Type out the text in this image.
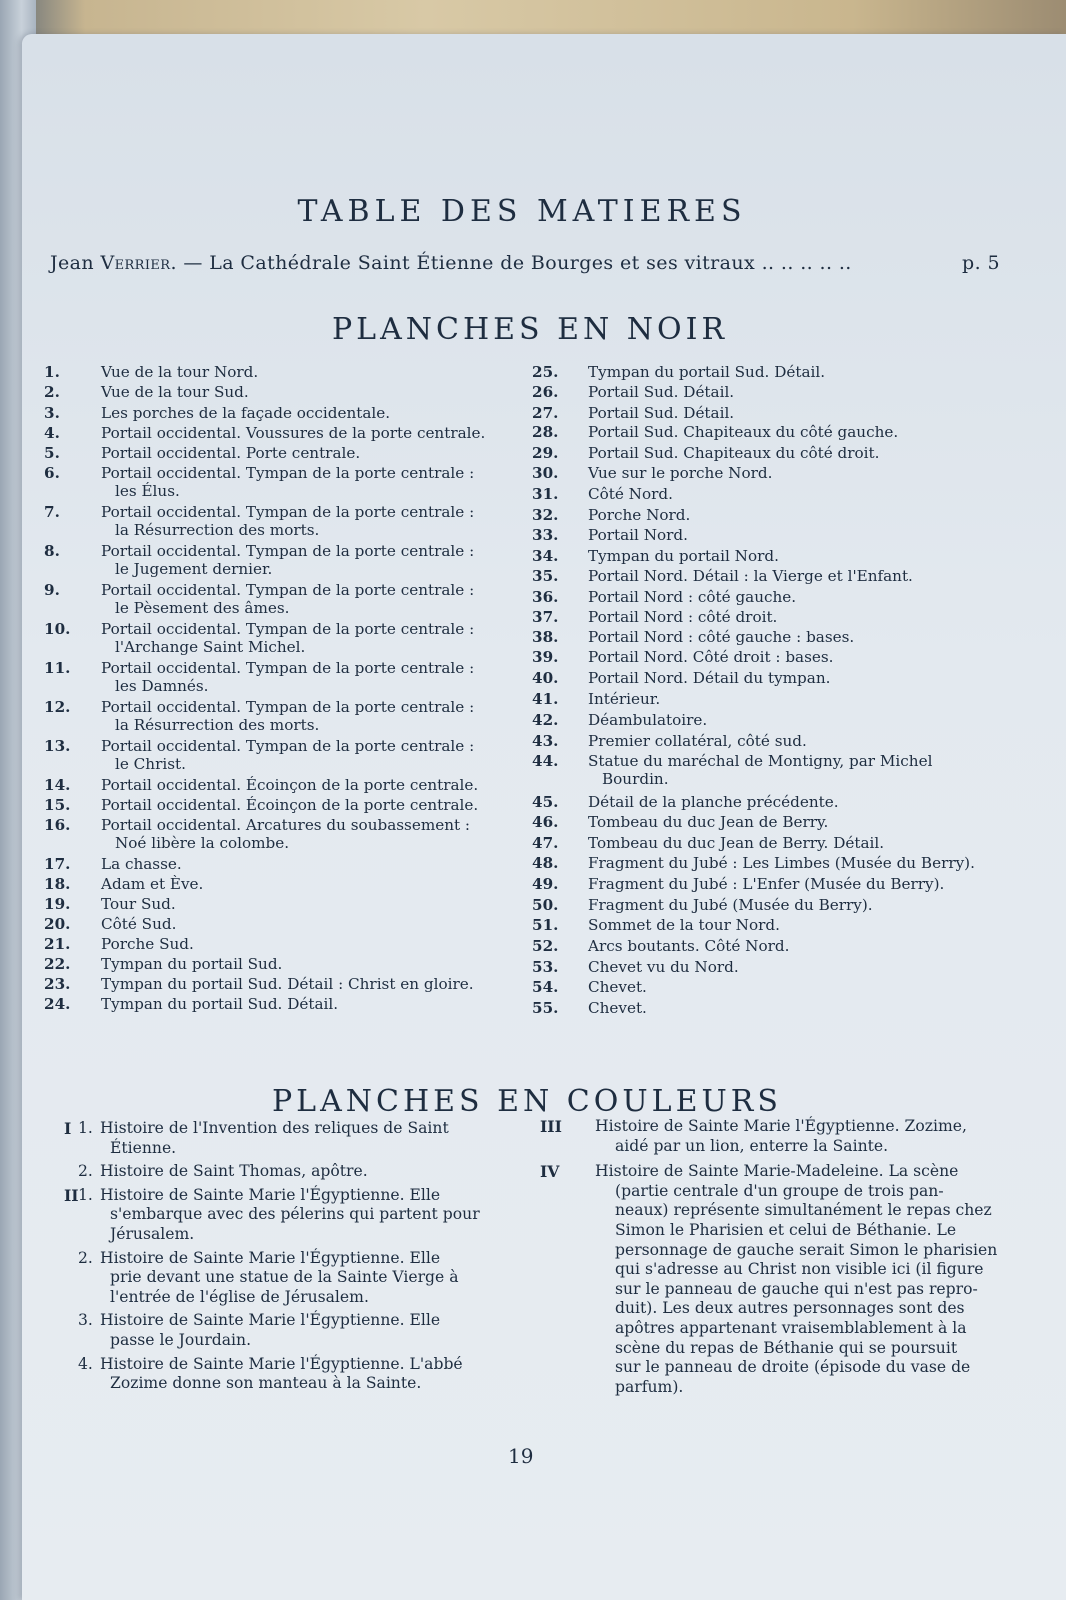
TABLE DES MATIERES
Jean Verrier. — La Cathédrale Saint Étienne de Bourges et ses vitraux .. .. .. .. ..	p. 5
PLANCHES EN NOIR
1.	Vue de la tour Nord.
2.	Vue de la tour Sud.
3.	Les porches de la façade occidentale.
4.	Portail occidental. Voussures de la porte centrale.
5.	Portail occidental. Porte centrale.
6.	Portail occidental. Tympan de la porte centrale :
les Élus.
7.	Portail occidental. Tympan de la porte centrale :
la Résurrection des morts.
8.	Portail occidental. Tympan de la porte centrale :
le Jugement dernier.
9.	Portail occidental. Tympan de la porte centrale :
le Pèsement des âmes.
10. Portail occidental. Tympan de la porte centrale :
l'Archange Saint Michel.
11. Portail occidental. Tympan de la porte centrale :
les Damnés.
12. Portail occidental. Tympan de la porte centrale :
la Résurrection des morts.
13. Portail occidental. Tympan de la porte centrale :
le Christ.
14. Portail occidental. Écoinçon de la porte centrale.
15. Portail occidental. Écoinçon de la porte centrale.
16. Portail occidental. Arcatures du soubassement :
Noé libère la colombe.
17. La chasse.
18. Adam et Ève.
19. Tour Sud.
20. Côté Sud.
21. Porche Sud.
22. Tympan du portail Sud.
23. Tympan du portail Sud. Détail : Christ en gloire.
24. Tympan du portail Sud. Détail.
25. Tympan du portail Sud. Détail.
26. Portail Sud. Détail.
27. Portail Sud. Détail.
28. Portail Sud. Chapiteaux du côté gauche.
29. Portail Sud. Chapiteaux du côté droit.
30. Vue sur le porche Nord.
31. Côté Nord.
32. Porche Nord.
33. Portail Nord.
34. Tympan du portail Nord.
35. Portail Nord. Détail : la Vierge et l'Enfant.
36. Portail Nord : côté gauche.
37. Portail Nord : côté droit.
38. Portail Nord : côté gauche : bases.
39. Portail Nord. Côté droit : bases.
40. Portail Nord. Détail du tympan.
41. Intérieur.
42. Déambulatoire.
43. Premier collatéral, côté sud.
44. Statue du maréchal de Montigny, par Michel
Bourdin.
45. Détail de la planche précédente.
46. Tombeau du duc Jean de Berry.
47. Tombeau du duc Jean de Berry. Détail.
48. Fragment du Jubé : Les Limbes (Musée du Berry).
49. Fragment du Jubé : L'Enfer (Musée du Berry).
50. Fragment du Jubé (Musée du Berry).
51. Sommet de la tour Nord.
52. Arcs boutants. Côté Nord.
53. Chevet vu du Nord.
54. Chevet.
55. Chevet.
PLANCHES EN COULEURS
I 1. Histoire de l'Invention des reliques de Saint
Étienne.
2. Histoire de Saint Thomas, apôtre.
II 1. Histoire de Sainte Marie l'Égyptienne. Elle
s'embarque avec des pélerins qui partent pour
Jérusalem.
2. Histoire de Sainte Marie l'Égyptienne. Elle
prie devant une statue de la Sainte Vierge à
l'entrée de l'église de Jérusalem.
3. Histoire de Sainte Marie l'Égyptienne. Elle
passe le Jourdain.
4. Histoire de Sainte Marie l'Égyptienne. L'abbé
Zozime donne son manteau à la Sainte.
III Histoire de Sainte Marie l'Égyptienne. Zozime,
aidé par un lion, enterre la Sainte.
IV Histoire de Sainte Marie-Madeleine. La scène
(partie centrale d'un groupe de trois pan-
neaux) représente simultanément le repas chez
Simon le Pharisien et celui de Béthanie. Le
personnage de gauche serait Simon le pharisien
qui s'adresse au Christ non visible ici (il figure
sur le panneau de gauche qui n'est pas repro-
duit). Les deux autres personnages sont des
apôtres appartenant vraisemblablement à la
scène du repas de Béthanie qui se poursuit
sur le panneau de droite (épisode du vase de
parfum).
19
